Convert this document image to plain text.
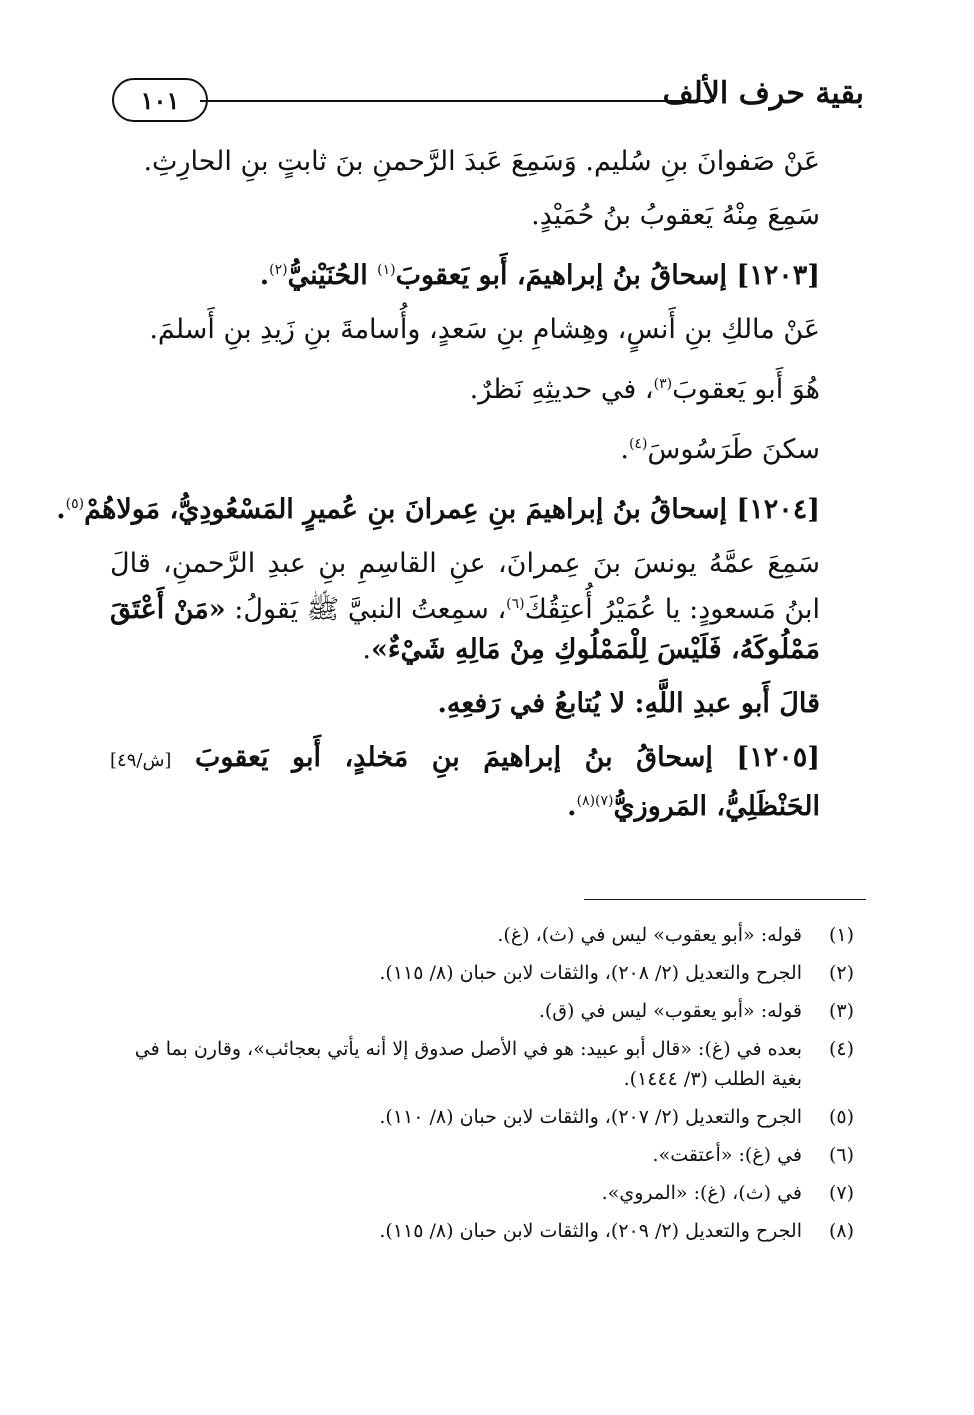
بقية حرف الألف
١٠١

عَنْ صَفوانَ بنِ سُليم. وَسَمِعَ عَبدَ الرَّحمنِ بنَ ثابتٍ بنِ الحارِثِ.

سَمِعَ مِنْهُ يَعقوبُ بنُ حُمَيْدٍ.

[١٢٠٣] إسحاقُ بنُ إبراهيمَ، أَبو يَعقوبَ$^{(١)}$ الحُنَيْنيُّ$^{(٢)}$.

عَنْ مالكِ بنِ أَنسٍ، وهِشامِ بنِ سَعدٍ، وأُسامةَ بنِ زَيدِ بنِ أَسلمَ.

هُوَ أَبو يَعقوبَ$^{(٣)}$، في حديثِهِ نَظرٌ.

سكنَ طَرَسُوسَ$^{(٤)}$.

[١٢٠٤] إسحاقُ بنُ إبراهيمَ بنِ عِمرانَ بنِ عُميرٍ المَسْعُودِيُّ، مَولاهُمْ$^{(٥)}$.

سَمِعَ عمَّهُ يونسَ بنَ عِمرانَ، عنِ القاسِمِ بنِ عبدِ الرَّحمنِ، قالَ ابنُ مَسعودٍ: يا عُمَيْرُ أُعتِقُكَ$^{(٦)}$، سمِعتُ النبيَّ ﷺ يَقولُ: «مَنْ أَعْتَقَ مَمْلُوكَهُ، فَلَيْسَ لِلْمَمْلُوكِ مِنْ مَالِهِ شَيْءٌ».

قالَ أَبو عبدِ اللَّهِ: لا يُتابعُ في رَفعِهِ.

[١٢٠٥] إسحاقُ بنُ إبراهيمَ بنِ مَخلدٍ، أَبو يَعقوبَ [ش/٤٩] الحَنْظَلِيُّ، المَروزيُّ$^{(٧)(٨)}$.

(١)
قوله: «أبو يعقوب» ليس في (ث)، (غ).
(٢)
الجرح والتعديل (٢/ ٢٠٨)، والثقات لابن حبان (٨/ ١١٥).
(٣)
قوله: «أبو يعقوب» ليس في (ق).
(٤)
بعده في (غ): «قال أبو عبيد: هو في الأصل صدوق إلا أنه يأتي بعجائب»، وقارن بما في بغية الطلب (٣/ ١٤٤٤).
(٥)
الجرح والتعديل (٢/ ٢٠٧)، والثقات لابن حبان (٨/ ١١٠).
(٦)
في (غ): «أعتقت».
(٧)
في (ث)، (غ): «المروي».
(٨)
الجرح والتعديل (٢/ ٢٠٩)، والثقات لابن حبان (٨/ ١١٥).
